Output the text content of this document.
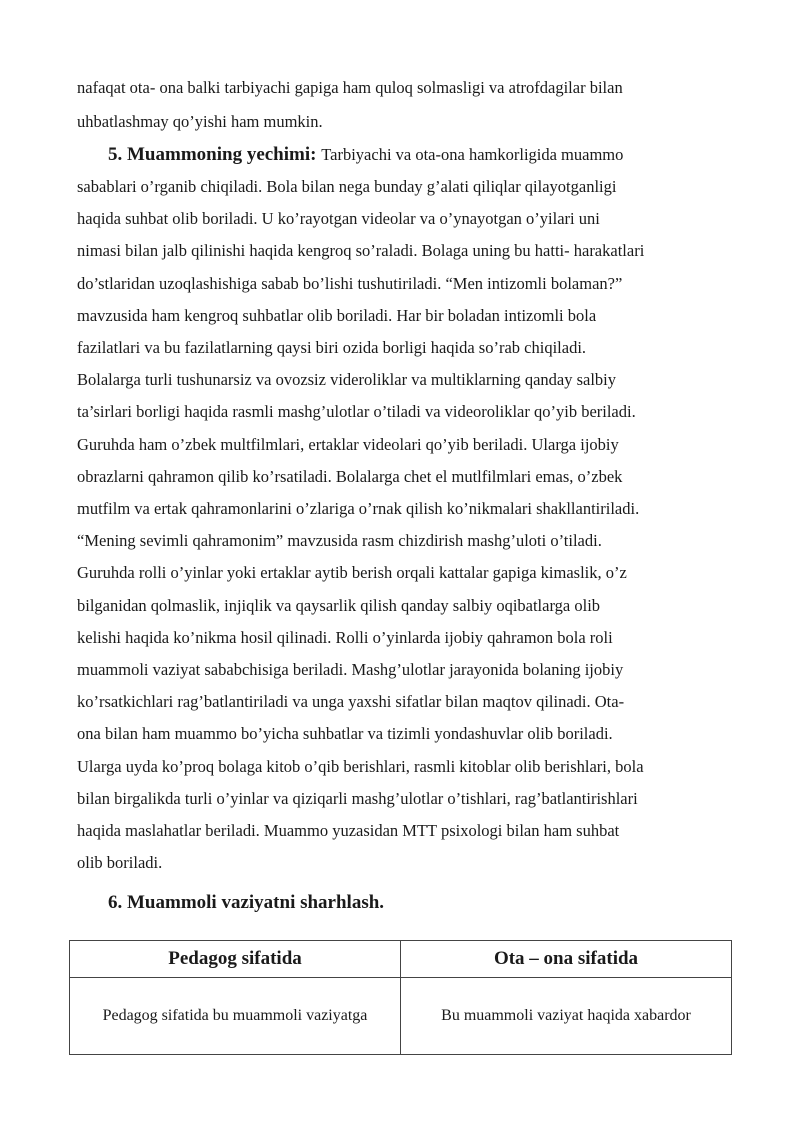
nafaqat ota- ona balki tarbiyachi gapiga ham quloq solmasligi va atrofdagilar bilan
uhbatlashmay qo’yishi ham mumkin.
5. Muammoning yechimi: Tarbiyachi va ota-ona hamkorligida muammo
sabablari o’rganib chiqiladi. Bola bilan nega bunday g’alati qiliqlar qilayotganligi
haqida suhbat olib boriladi. U ko’rayotgan videolar va o’ynayotgan o’yilari uni
nimasi bilan jalb qilinishi haqida kengroq so’raladi. Bolaga uning bu hatti- harakatlari
do’stlaridan uzoqlashishiga sabab bo’lishi tushutiriladi. “Men intizomli bolaman?”
mavzusida ham kengroq suhbatlar olib boriladi. Har bir boladan intizomli bola
fazilatlari va bu fazilatlarning qaysi biri ozida borligi haqida so’rab chiqiladi.
Bolalarga turli tushunarsiz va ovozsiz videroliklar va multiklarning qanday salbiy
ta’sirlari borligi haqida rasmli mashg’ulotlar o’tiladi va videoroliklar qo’yib beriladi.
Guruhda ham o’zbek multfilmlari, ertaklar videolari qo’yib beriladi. Ularga ijobiy
obrazlarni qahramon qilib ko’rsatiladi. Bolalarga chet el mutlfilmlari emas, o’zbek
mutfilm va ertak qahramonlarini o’zlariga o’rnak qilish ko’nikmalari shakllantiriladi.
“Mening sevimli qahramonim” mavzusida rasm chizdirish mashg’uloti o’tiladi.
Guruhda rolli o’yinlar yoki ertaklar aytib berish orqali kattalar gapiga kimaslik, o’z
bilganidan qolmaslik, injiqlik va qaysarlik qilish qanday salbiy oqibatlarga olib
kelishi haqida ko’nikma hosil qilinadi. Rolli o’yinlarda ijobiy qahramon bola roli
muammoli vaziyat sababchisiga beriladi. Mashg’ulotlar jarayonida bolaning ijobiy
ko’rsatkichlari rag’batlantiriladi va unga yaxshi sifatlar bilan maqtov qilinadi. Ota-
ona bilan ham muammo bo’yicha suhbatlar va tizimli yondashuvlar olib boriladi.
Ularga uyda ko’proq bolaga kitob o’qib berishlari, rasmli kitoblar olib berishlari, bola
bilan birgalikda turli o’yinlar va qiziqarli mashg’ulotlar o’tishlari, rag’batlantirishlari
haqida maslahatlar beriladi. Muammo yuzasidan MTT psixologi bilan ham suhbat
olib boriladi.
6. Muammoli vaziyatni sharhlash.
Pedagog sifatida	Ota – ona sifatida
Pedagog sifatida bu muammoli vaziyatga	Bu muammoli vaziyat haqida xabardor
